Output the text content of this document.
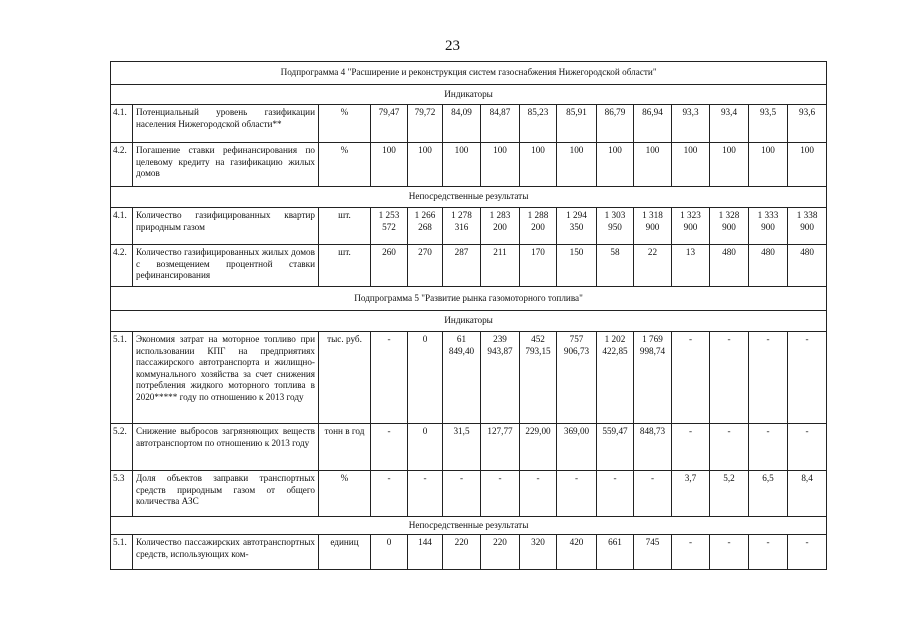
23
Подпрограмма 4 "Расширение и реконструкция систем газоснабжения Нижегородской области"														
Индикаторы														
4.1.	Потенциальный уровень газификации населения Нижегородской области**	%	79,47	79,72	84,09	84,87	85,23	85,91	86,79	86,94	93,3	93,4	93,5	93,6
4.2.	Погашение ставки рефинансирования по целевому кредиту на газификацию жилых домов	%	100	100	100	100	100	100	100	100	100	100	100	100
Непосредственные результаты														
4.1.	Количество газифицированных квартир природным газом	шт.	1 253 572	1 266 268	1 278 316	1 283 200	1 288 200	1 294 350	1 303 950	1 318 900	1 323 900	1 328 900	1 333 900	1 338 900
4.2.	Количество газифицированных жилых домов с возмещением процентной ставки рефинансирования	шт.	260	270	287	211	170	150	58	22	13	480	480	480
Подпрограмма 5 "Развитие рынка газомоторного топлива"														
Индикаторы														
5.1.	Экономия затрат на моторное топливо при использовании КПГ на предприятиях пассажирского автотранспорта и жилищно-коммунального хозяйства за счет снижения потребления жидкого моторного топлива в 2020***** году по отношению к 2013 году	тыс. руб.	-	0	61 849,40	239 943,87	452 793,15	757 906,73	1 202 422,85	1 769 998,74	-	-	-	-
5.2.	Снижение выбросов загрязняющих веществ автотранспортом по отношению к 2013 году	тонн в год	-	0	31,5	127,77	229,00	369,00	559,47	848,73	-	-	-	-
5.3	Доля объектов заправки транспортных средств природным газом от общего количества АЗС	%	-	-	-	-	-	-	-	-	3,7	5,2	6,5	8,4
Непосредственные результаты														
5.1.	Количество пассажирских автотранспортных средств, использующих ком-	единиц	0	144	220	220	320	420	661	745	-	-	-	-
